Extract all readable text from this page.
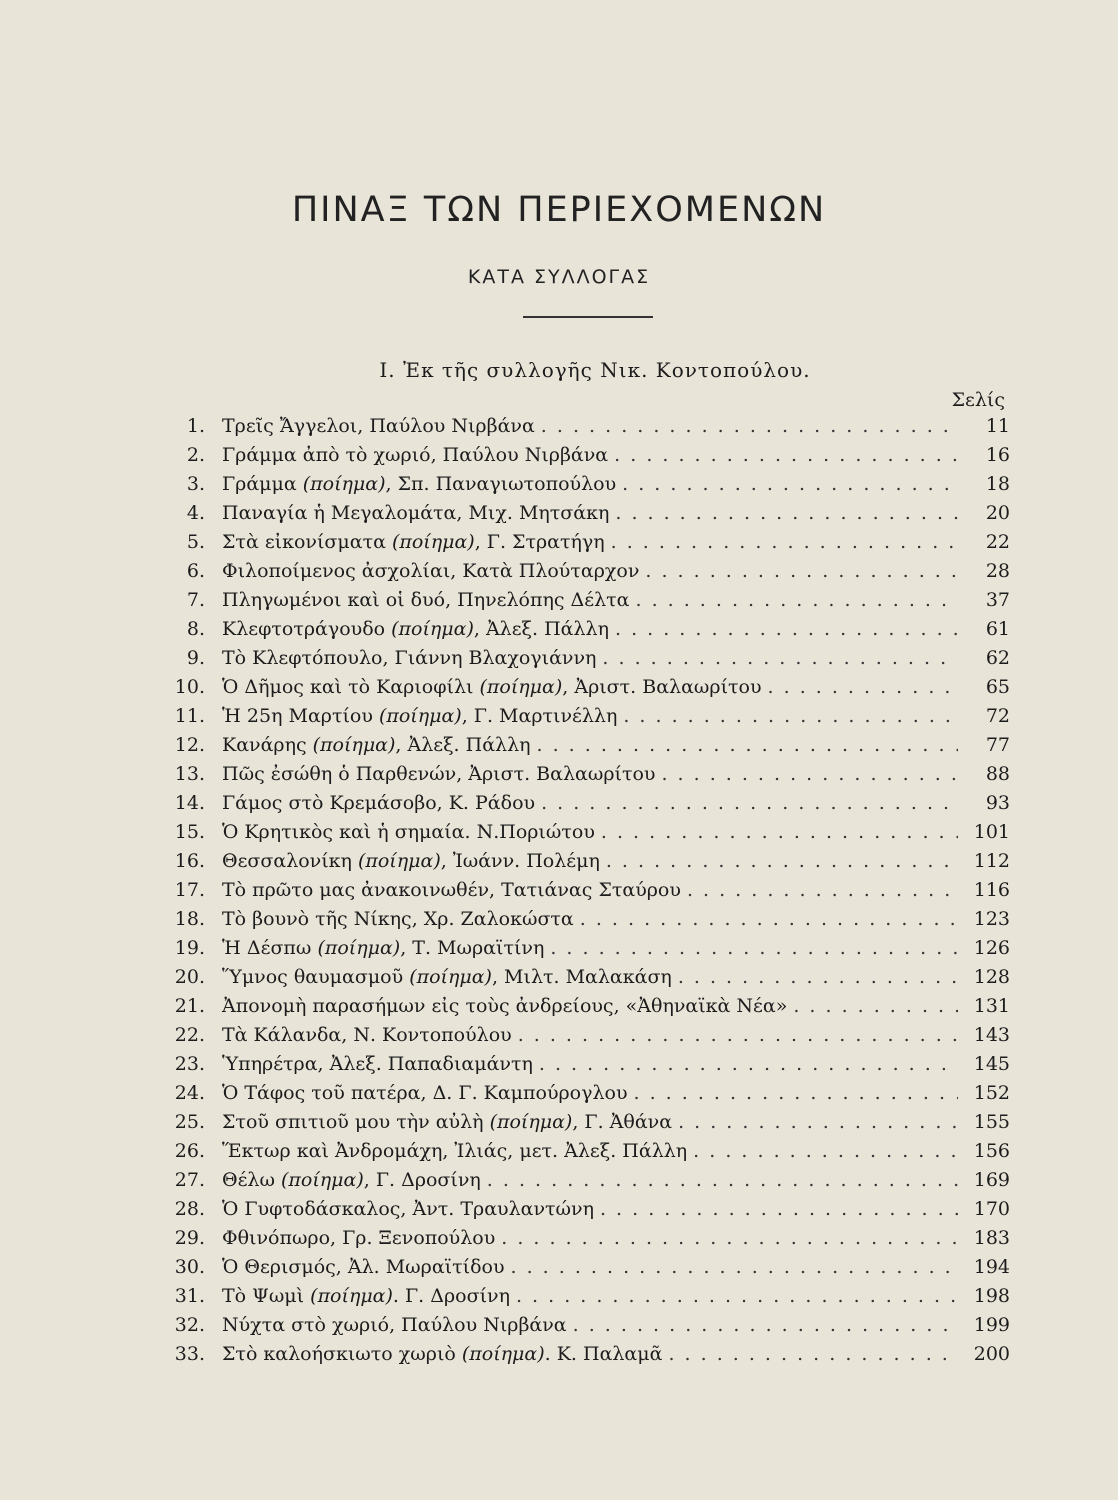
ΠΙΝΑΞ ΤΩΝ ΠΕΡΙΕΧΟΜΕΝΩΝ
ΚΑΤΑ ΣΥΛΛΟΓΑΣ
Ι. Ἐκ τῆς συλλογῆς Νικ. Κοντοπούλου.
Σελίς
1. Τρεῖς Ἄγγελοι, Παύλου Νιρβάνα . . .	11
2. Γράμμα ἀπὸ τὸ χωριό, Παύλου Νιρβάνα . . .	16
3. Γράμμα (ποίημα), Σπ. Παναγιωτοπούλου . . .	18
4. Παναγία ἡ Μεγαλομάτα, Μιχ. Μητσάκη . . .	20
5. Στὰ εἰκονίσματα (ποίημα), Γ. Στρατήγη . . .	22
6. Φιλοποίμενος ἀσχολίαι, Κατὰ Πλούταρχον . . .	28
7. Πληγωμένοι καὶ οἱ δυό, Πηνελόπης Δέλτα . . .	37
8. Κλεφτοτράγουδο (ποίημα), Ἀλεξ. Πάλλη . . .	61
9. Τὸ Κλεφτόπουλο, Γιάννη Βλαχογιάννη . . .	62
10. Ὁ Δῆμος καὶ τὸ Καριοφίλι (ποίημα), Ἀριστ. Βαλαωρίτου . . .	65
11. Ἡ 25η Μαρτίου (ποίημα), Γ. Μαρτινέλλη . . .	72
12. Κανάρης (ποίημα), Ἀλεξ. Πάλλη . . .	77
13. Πῶς ἐσώθη ὁ Παρθενών, Ἀριστ. Βαλαωρίτου . . .	88
14. Γάμος στὸ Κρεμάσοβο, Κ. Ράδου . . .	93
15. Ὁ Κρητικὸς καὶ ἡ σημαία. Ν.Ποριώτου . . .	101
16. Θεσσαλονίκη (ποίημα), Ἰωάνν. Πολέμη . . .	112
17. Τὸ πρῶτο μας ἀνακοινωθέν, Τατιάνας Σταύρου . . .	116
18. Τὸ βουνὸ τῆς Νίκης, Χρ. Ζαλοκώστα . . .	123
19. Ἡ Δέσπω (ποίημα), Τ. Μωραϊτίνη . . .	126
20. Ὕμνος θαυμασμοῦ (ποίημα), Μιλτ. Μαλακάση . . .	128
21. Ἀπονομὴ παρασήμων εἰς τοὺς ἀνδρείους, «Ἀθηναϊκὰ Νέα» . . .	131
22. Τὰ Κάλανδα, Ν. Κοντοπούλου . . .	143
23. Ὑπηρέτρα, Ἀλεξ. Παπαδιαμάντη . . .	145
24. Ὁ Τάφος τοῦ πατέρα, Δ. Γ. Καμπούρογλου . . .	152
25. Στοῦ σπιτιοῦ μου τὴν αὐλὴ (ποίημα), Γ. Ἀθάνα . . .	155
26. Ἕκτωρ καὶ Ἀνδρομάχη, Ἰλιάς, μετ. Ἀλεξ. Πάλλη . . .	156
27. Θέλω (ποίημα), Γ. Δροσίνη . . .	169
28. Ὁ Γυφτοδάσκαλος, Ἀντ. Τραυλαντώνη . . .	170
29. Φθινόπωρο, Γρ. Ξενοπούλου . . .	183
30. Ὁ Θερισμός, Ἀλ. Μωραϊτίδου . . .	194
31. Τὸ Ψωμὶ (ποίημα). Γ. Δροσίνη . . .	198
32. Νύχτα στὸ χωριό, Παύλου Νιρβάνα . . .	199
33. Στὸ καλοήσκιωτο χωριὸ (ποίημα). Κ. Παλαμᾶ . . .	200
